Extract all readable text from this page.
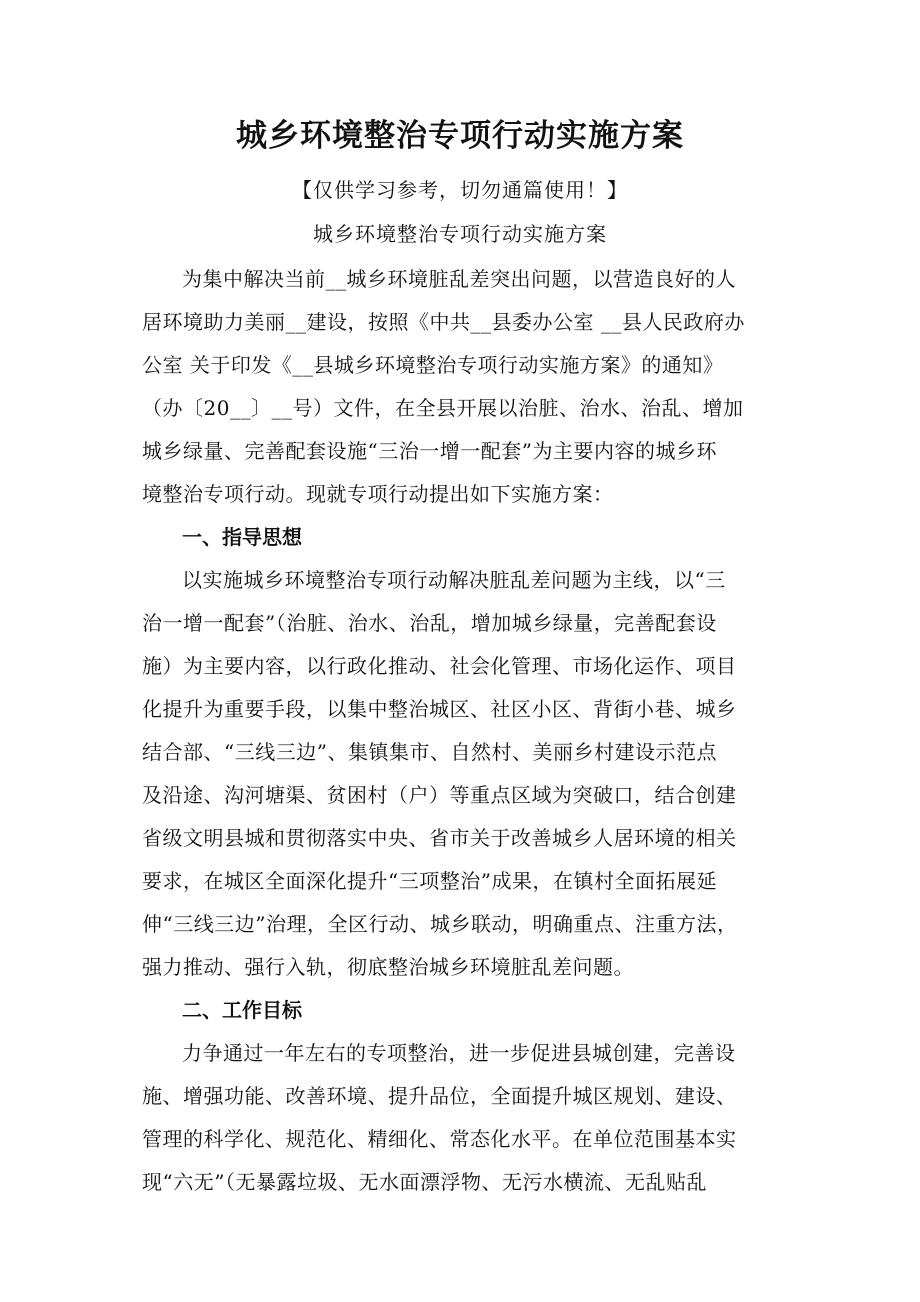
城乡环境整治专项行动实施方案
【仅供学习参考，切勿通篇使用！】
城乡环境整治专项行动实施方案
为集中解决当前__城乡环境脏乱差突出问题，以营造良好的人
居环境助力美丽__建设，按照《中共__县委办公室 __县人民政府办
公室 关于印发《__县城乡环境整治专项行动实施方案》的通知》
（办〔20__〕__号）文件，在全县开展以治脏、治水、治乱、增加
城乡绿量、完善配套设施“三治一增一配套”为主要内容的城乡环
境整治专项行动。现就专项行动提出如下实施方案：
一、指导思想
以实施城乡环境整治专项行动解决脏乱差问题为主线，以“三
治一增一配套”（治脏、治水、治乱，增加城乡绿量，完善配套设
施）为主要内容，以行政化推动、社会化管理、市场化运作、项目
化提升为重要手段，以集中整治城区、社区小区、背街小巷、城乡
结合部、“三线三边”、集镇集市、自然村、美丽乡村建设示范点
及沿途、沟河塘渠、贫困村（户）等重点区域为突破口，结合创建
省级文明县城和贯彻落实中央、省市关于改善城乡人居环境的相关
要求，在城区全面深化提升“三项整治”成果，在镇村全面拓展延
伸“三线三边”治理，全区行动、城乡联动，明确重点、注重方法，
强力推动、强行入轨，彻底整治城乡环境脏乱差问题。
二、工作目标
力争通过一年左右的专项整治，进一步促进县城创建，完善设
施、增强功能、改善环境、提升品位，全面提升城区规划、建设、
管理的科学化、规范化、精细化、常态化水平。在单位范围基本实
现“六无”（无暴露垃圾、无水面漂浮物、无污水横流、无乱贴乱
